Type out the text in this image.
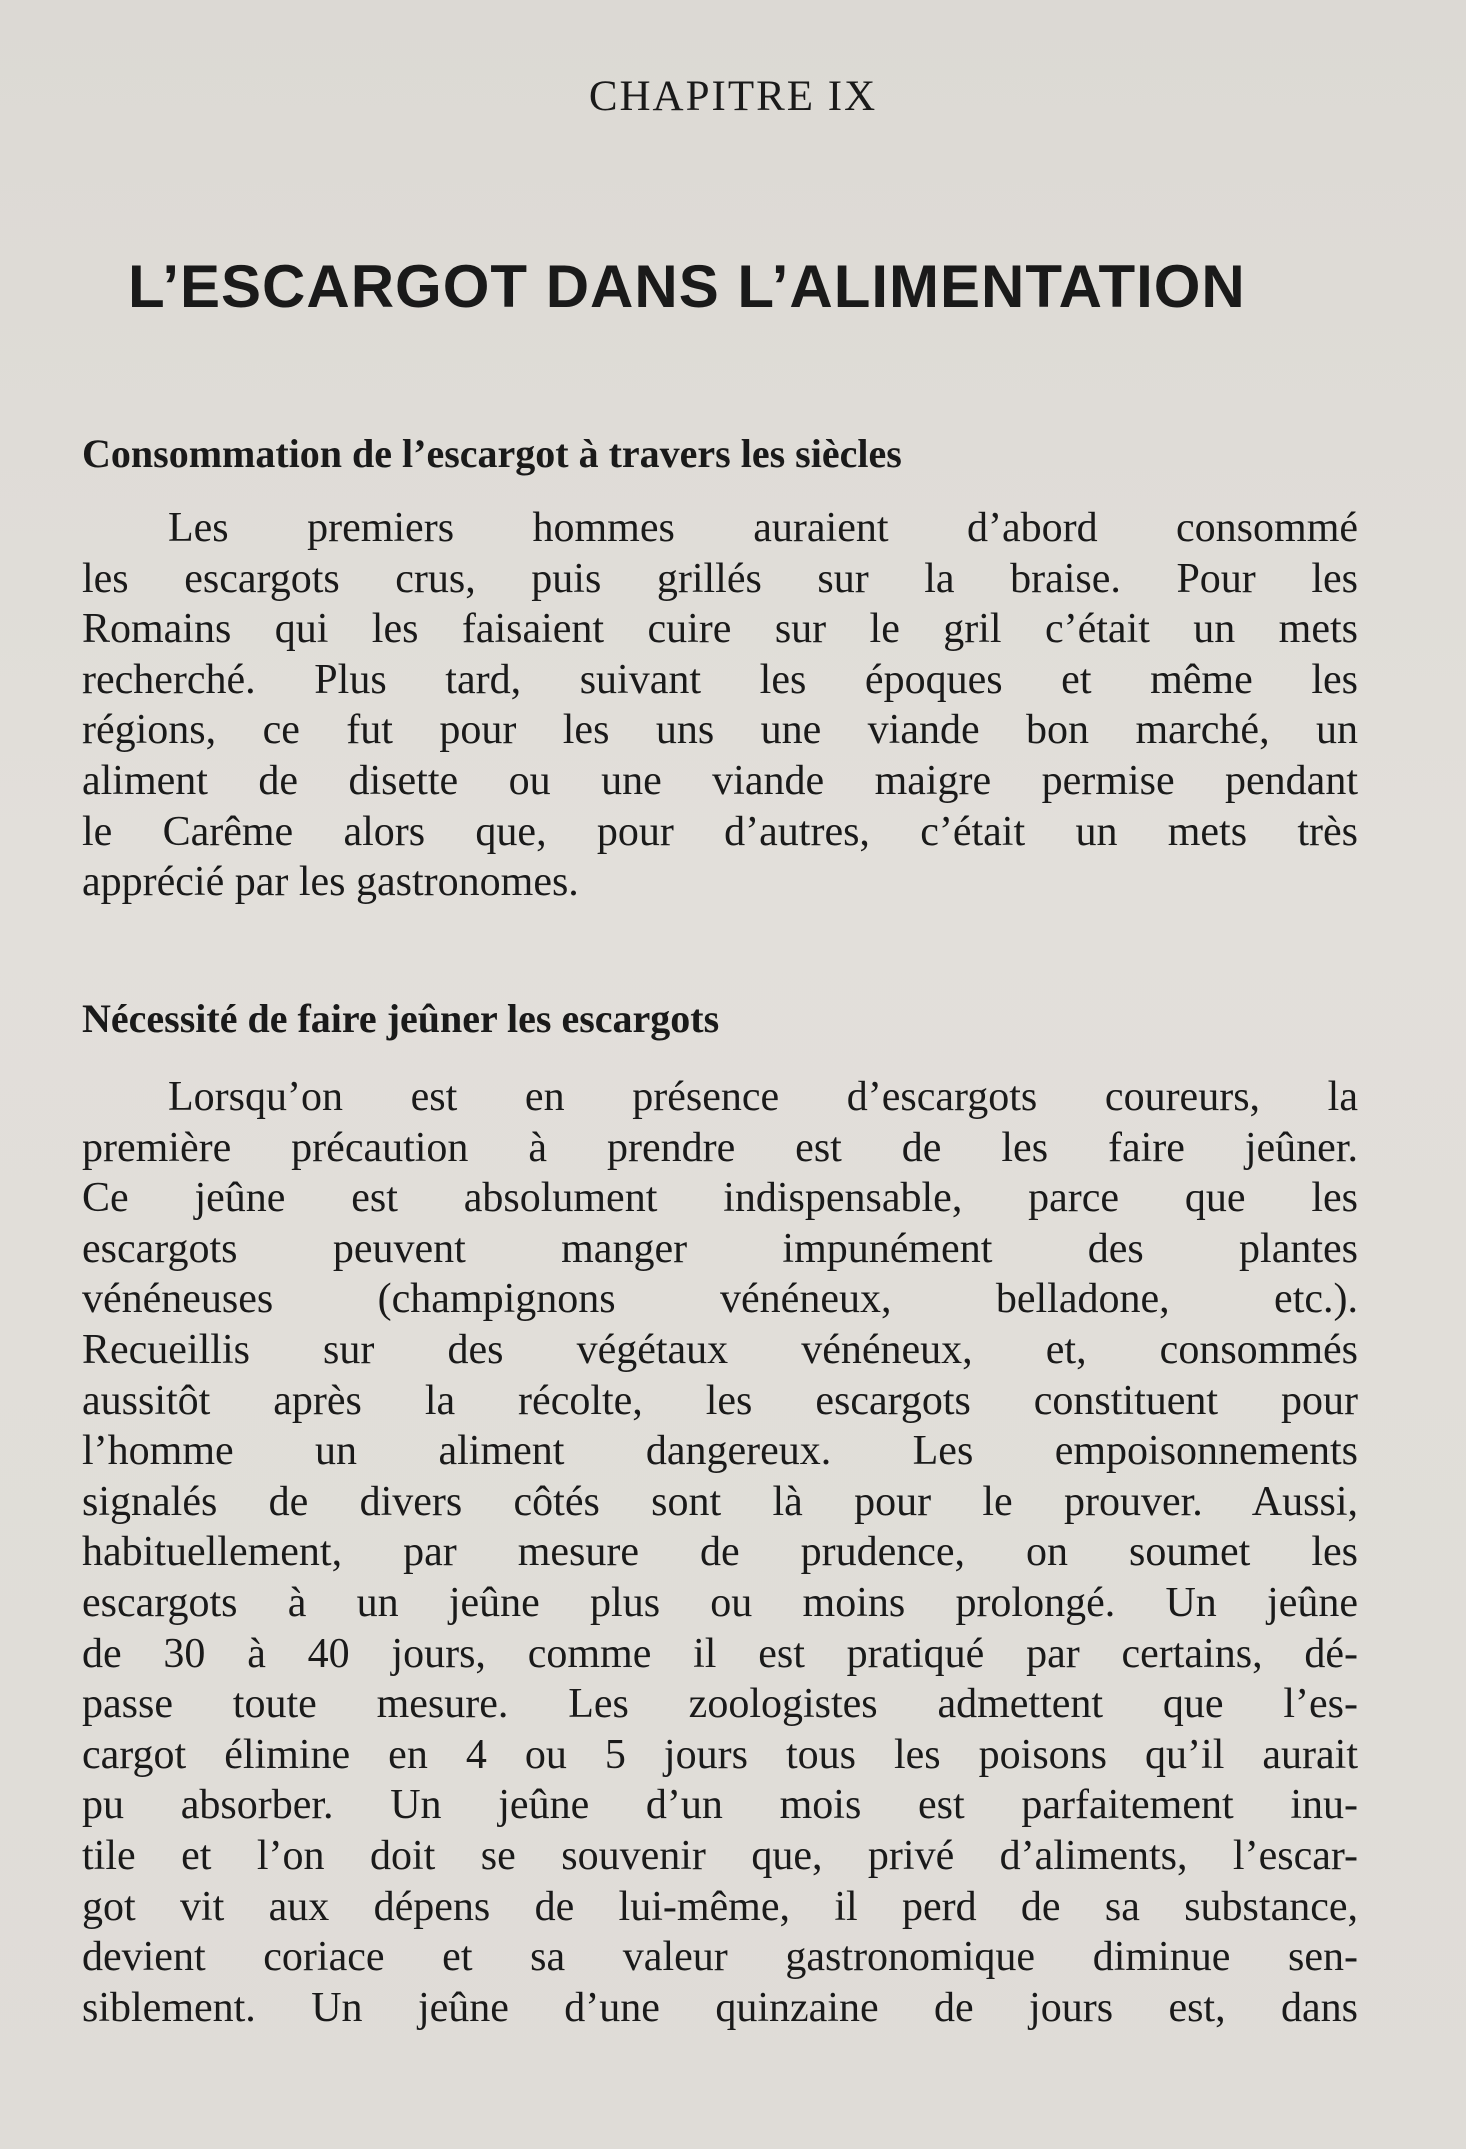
CHAPITRE IX
L’ESCARGOT DANS L’ALIMENTATION
Consommation de l’escargot à travers les siècles
Les premiers hommes auraient d’abord consommé
les escargots crus, puis grillés sur la braise. Pour les
Romains qui les faisaient cuire sur le gril c’était un mets
recherché. Plus tard, suivant les époques et même les
régions, ce fut pour les uns une viande bon marché, un
aliment de disette ou une viande maigre permise pendant
le Carême alors que, pour d’autres, c’était un mets très
apprécié par les gastronomes.
Nécessité de faire jeûner les escargots
Lorsqu’on est en présence d’escargots coureurs, la
première précaution à prendre est de les faire jeûner.
Ce jeûne est absolument indispensable, parce que les
escargots peuvent manger impunément des plantes
vénéneuses (champignons vénéneux, belladone, etc.).
Recueillis sur des végétaux vénéneux, et, consommés
aussitôt après la récolte, les escargots constituent pour
l’homme un aliment dangereux. Les empoisonnements
signalés de divers côtés sont là pour le prouver. Aussi,
habituellement, par mesure de prudence, on soumet les
escargots à un jeûne plus ou moins prolongé. Un jeûne
de 30 à 40 jours, comme il est pratiqué par certains, dé-
passe toute mesure. Les zoologistes admettent que l’es-
cargot élimine en 4 ou 5 jours tous les poisons qu’il aurait
pu absorber. Un jeûne d’un mois est parfaitement inu-
tile et l’on doit se souvenir que, privé d’aliments, l’escar-
got vit aux dépens de lui-même, il perd de sa substance,
devient coriace et sa valeur gastronomique diminue sen-
siblement. Un jeûne d’une quinzaine de jours est, dans
